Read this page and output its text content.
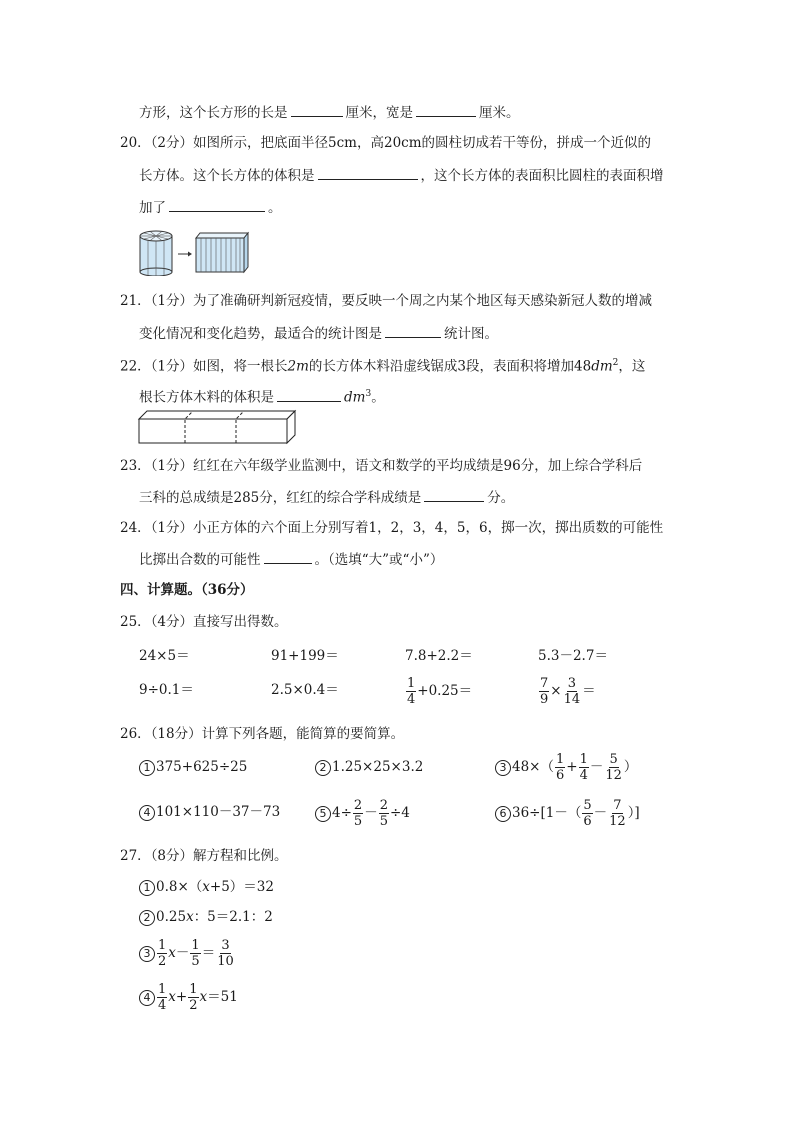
方形，这个长方形的长是	厘米，宽是	厘米。
20．（2分）如图所示，把底面半径5cm，高20cm的圆柱切成若干等份，拼成一个近似的
长方体。这个长方体的体积是	，这个长方体的表面积比圆柱的表面积增
加了	。
21．（1分）为了准确研判新冠疫情，要反映一个周之内某个地区每天感染新冠人数的增减
变化情况和变化趋势，最适合的统计图是	统计图。
22．（1分）如图，将一根长2m的长方体木料沿虚线锯成3段，表面积将增加$48dm^2$，这
根长方体木料的体积是	$dm^3$。
23．（1分）红红在六年级学业监测中，语文和数学的平均成绩是96分，加上综合学科后
三科的总成绩是285分，红红的综合学科成绩是	分。
24．（1分）小正方体的六个面上分别写着1，2，3，4，5，6，掷一次，掷出质数的可能性
比掷出合数的可能性	。（选填“大”或“小”）
四、计算题。（36分）
25．（4分）直接写出得数。
24×5＝	91+199＝	7.8+2.2＝	5.3－2.7＝
9÷0.1＝	2.5×0.4＝	$\frac{1}{4} +0.25=$	$\frac{7}{9} \times \frac{3}{14}$ ＝
26．（18分）计算下列各题，能简算的要简算。
1 375+625÷25	2 1.25×25×3.2	3 $48\times( \frac{1}{6} + \frac{1}{4} - \frac{5}{12}$ ）
4 101×110－37－73	5 $4\div \frac{2}{5} - \frac{2}{5} \div 4$	6 $36\div[1-( \frac{5}{6} - \frac{7}{12}$ ）]
27．（8分）解方程和比例。
1 0.8×（x+5）＝32
2 0.25x：5＝2.1：2
$3 \frac{1}{2} x- \frac{1}{5} = \frac{3}{10}$
$4 \frac{1}{4} x+ \frac{1}{2} x=51$
